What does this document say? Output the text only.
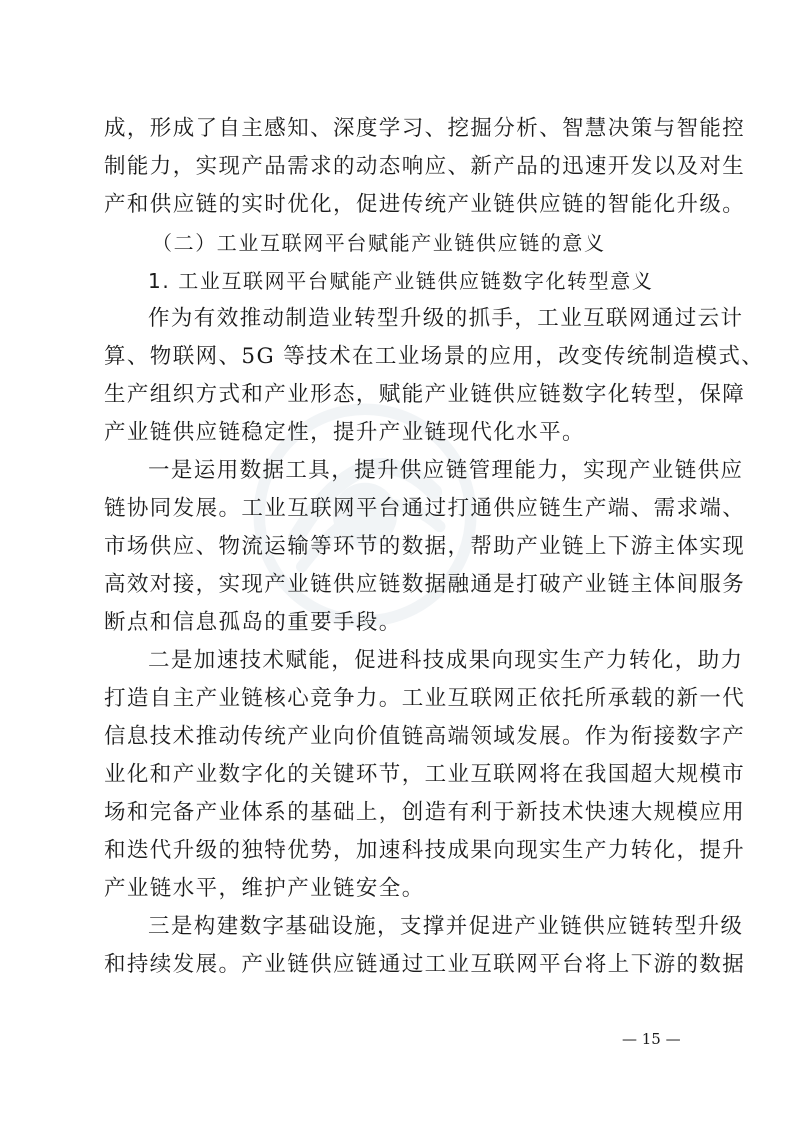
成，形成了自主感知、深度学习、挖掘分析、智慧决策与智能控
制能力，实现产品需求的动态响应、新产品的迅速开发以及对生
产和供应链的实时优化，促进传统产业链供应链的智能化升级。
（二）工业互联网平台赋能产业链供应链的意义
1. 工业互联网平台赋能产业链供应链数字化转型意义
作为有效推动制造业转型升级的抓手，工业互联网通过云计
算、物联网、5G 等技术在工业场景的应用，改变传统制造模式、
生产组织方式和产业形态，赋能产业链供应链数字化转型，保障
产业链供应链稳定性，提升产业链现代化水平。
一是运用数据工具，提升供应链管理能力，实现产业链供应
链协同发展。工业互联网平台通过打通供应链生产端、需求端、
市场供应、物流运输等环节的数据，帮助产业链上下游主体实现
高效对接，实现产业链供应链数据融通是打破产业链主体间服务
断点和信息孤岛的重要手段。
二是加速技术赋能，促进科技成果向现实生产力转化，助力
打造自主产业链核心竞争力。工业互联网正依托所承载的新一代
信息技术推动传统产业向价值链高端领域发展。作为衔接数字产
业化和产业数字化的关键环节，工业互联网将在我国超大规模市
场和完备产业体系的基础上，创造有利于新技术快速大规模应用
和迭代升级的独特优势，加速科技成果向现实生产力转化，提升
产业链水平，维护产业链安全。
三是构建数字基础设施，支撑并促进产业链供应链转型升级
和持续发展。产业链供应链通过工业互联网平台将上下游的数据
— 15 —
